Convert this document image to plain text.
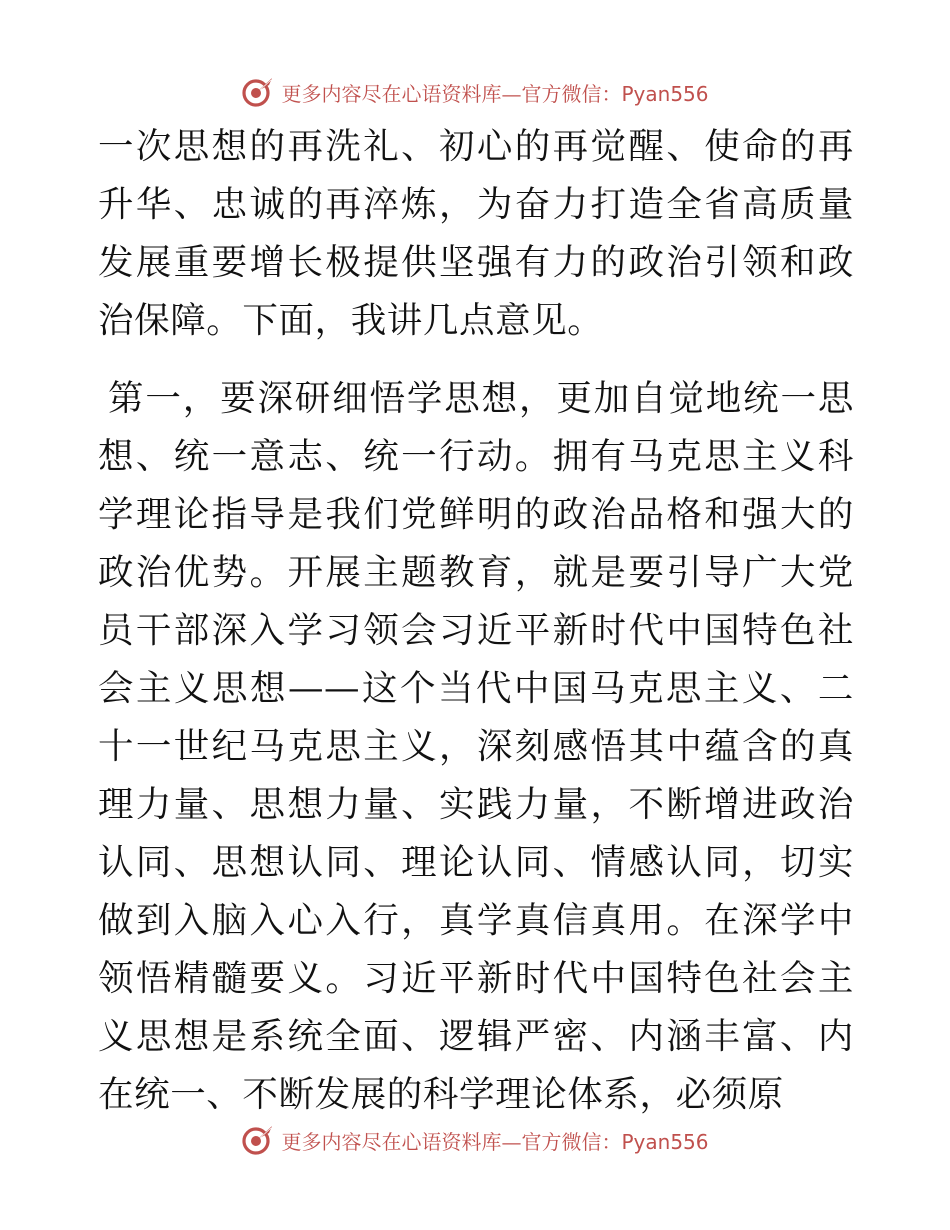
更多内容尽在心语资料库—官方微信：Pyan556

一次思想的再洗礼、初心的再觉醒、使命的再升华、忠诚的再淬炼，为奋力打造全省高质量发展重要增长极提供坚强有力的政治引领和政治保障。下面，我讲几点意见。

第一，要深研细悟学思想，更加自觉地统一思想、统一意志、统一行动。拥有马克思主义科学理论指导是我们党鲜明的政治品格和强大的政治优势。开展主题教育，就是要引导广大党员干部深入学习领会习近平新时代中国特色社会主义思想——这个当代中国马克思主义、二十一世纪马克思主义，深刻感悟其中蕴含的真理力量、思想力量、实践力量，不断增进政治认同、思想认同、理论认同、情感认同，切实做到入脑入心入行，真学真信真用。在深学中领悟精髓要义。习近平新时代中国特色社会主义思想是系统全面、逻辑严密、内涵丰富、内在统一、不断发展的科学理论体系，必须原

更多内容尽在心语资料库—官方微信：Pyan556
